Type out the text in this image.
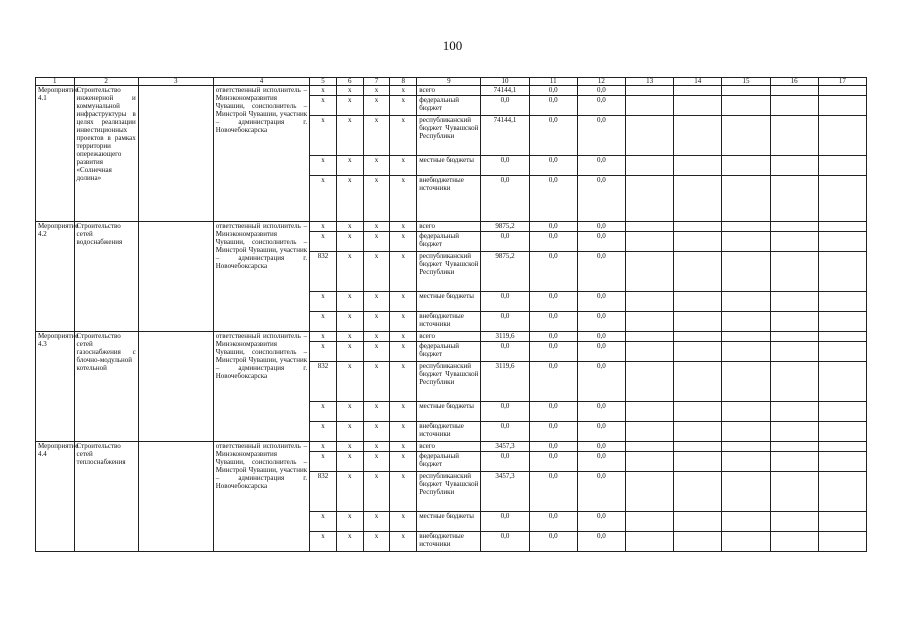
100
1	2	3	4	5	6	7	8	9	10	11	12	13	14	15	16	17
Мероприятие 4.1	Строительство инженерной и коммунальной инфраструктуры в целях реализации инвестиционных проектов в рамках территории опережающего развития «Солнечная долина»		ответственный исполнитель – Минэкономразвития Чувашии, соисполнитель – Минстрой Чувашии, участник – администрация г. Новочебоксарска	x	x	x	x	всего	74144,1	0,0	0,0					
				x	x	x	x	федеральный бюджет	0,0	0,0	0,0					
				x	x	x	x	республиканский бюджет Чувашской Республики	74144,1	0,0	0,0					
				x	x	x	x	местные бюджеты	0,0	0,0	0,0					
				x	x	x	x	внебюджетные источники	0,0	0,0	0,0					
Мероприятие 4.2	Строительство сетей водоснабжения		ответственный исполнитель – Минэкономразвития Чувашии, соисполнитель – Минстрой Чувашии, участник – администрация г. Новочебоксарска	x	x	x	x	всего	9875,2	0,0	0,0					
				x	x	x	x	федеральный бюджет	0,0	0,0	0,0					
				832	x	x	x	республиканский бюджет Чувашской Республики	9875,2	0,0	0,0					
				x	x	x	x	местные бюджеты	0,0	0,0	0,0					
				x	x	x	x	внебюджетные источники	0,0	0,0	0,0					
Мероприятие 4.3	Строительство сетей газоснабжения с блочно-модульной котельной		ответственный исполнитель – Минэкономразвития Чувашии, соисполнитель – Минстрой Чувашии, участник – администрация г. Новочебоксарска	x	x	x	x	всего	3119,6	0,0	0,0					
				x	x	x	x	федеральный бюджет	0,0	0,0	0,0					
				832	x	x	x	республиканский бюджет Чувашской Республики	3119,6	0,0	0,0					
				x	x	x	x	местные бюджеты	0,0	0,0	0,0					
				x	x	x	x	внебюджетные источники	0,0	0,0	0,0					
Мероприятие 4.4	Строительство сетей теплоснабжения		ответственный исполнитель – Минэкономразвития Чувашии, соисполнитель – Минстрой Чувашии, участник – администрация г. Новочебоксарска	x	x	x	x	всего	3457,3	0,0	0,0					
				x	x	x	x	федеральный бюджет	0,0	0,0	0,0					
				832	x	x	x	республиканский бюджет Чувашской Республики	3457,3	0,0	0,0					
				x	x	x	x	местные бюджеты	0,0	0,0	0,0					
				x	x	x	x	внебюджетные источники	0,0	0,0	0,0					
